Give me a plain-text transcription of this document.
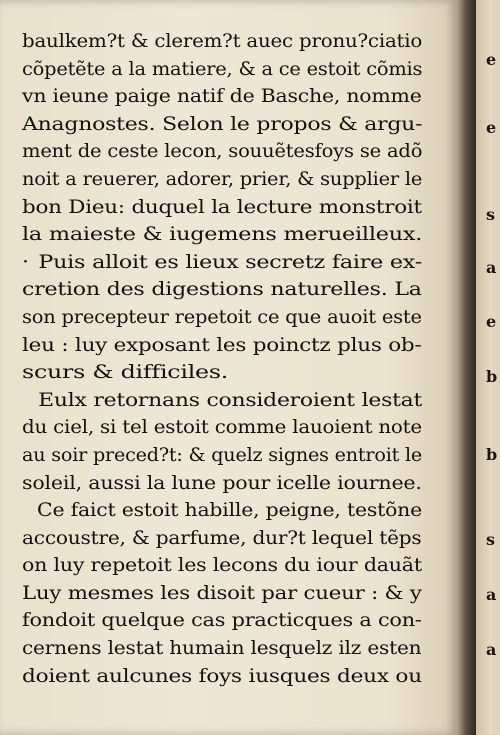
baulkem?t & clerem?t auec pronu?ciatio
cõpetẽte a la matiere, & a ce estoit cõmis
vn ieune paige natif de Basche, nomme
Anagnostes. Selon le propos & argu-
ment de ceste lecon, souuẽtesfoys se adõ
noit a reuerer, adorer, prier, & supplier le
bon Dieu: duquel la lecture monstroit
la maieste & iugemens merueilleux.
· Puis alloit es lieux secretz faire ex-
cretion des digestions naturelles. La
son precepteur repetoit ce que auoit este
leu : luy exposant les poinctz plus ob-
scurs & difficiles.
Eulx retornans consideroient lestat
du ciel, si tel estoit comme lauoient note
au soir preced?t: & quelz signes entroit le
soleil, aussi la lune pour icelle iournee.
Ce faict estoit habille, peigne, testõne
accoustre, & parfume, dur?t lequel tẽps
on luy repetoit les lecons du iour dauãt
Luy mesmes les disoit par cueur : & y
fondoit quelque cas practicques a con-
cernens lestat humain lesquelz ilz esten
doient aulcunes foys iusques deux ou
e
e
s
a
e
b
b
s
a
a
